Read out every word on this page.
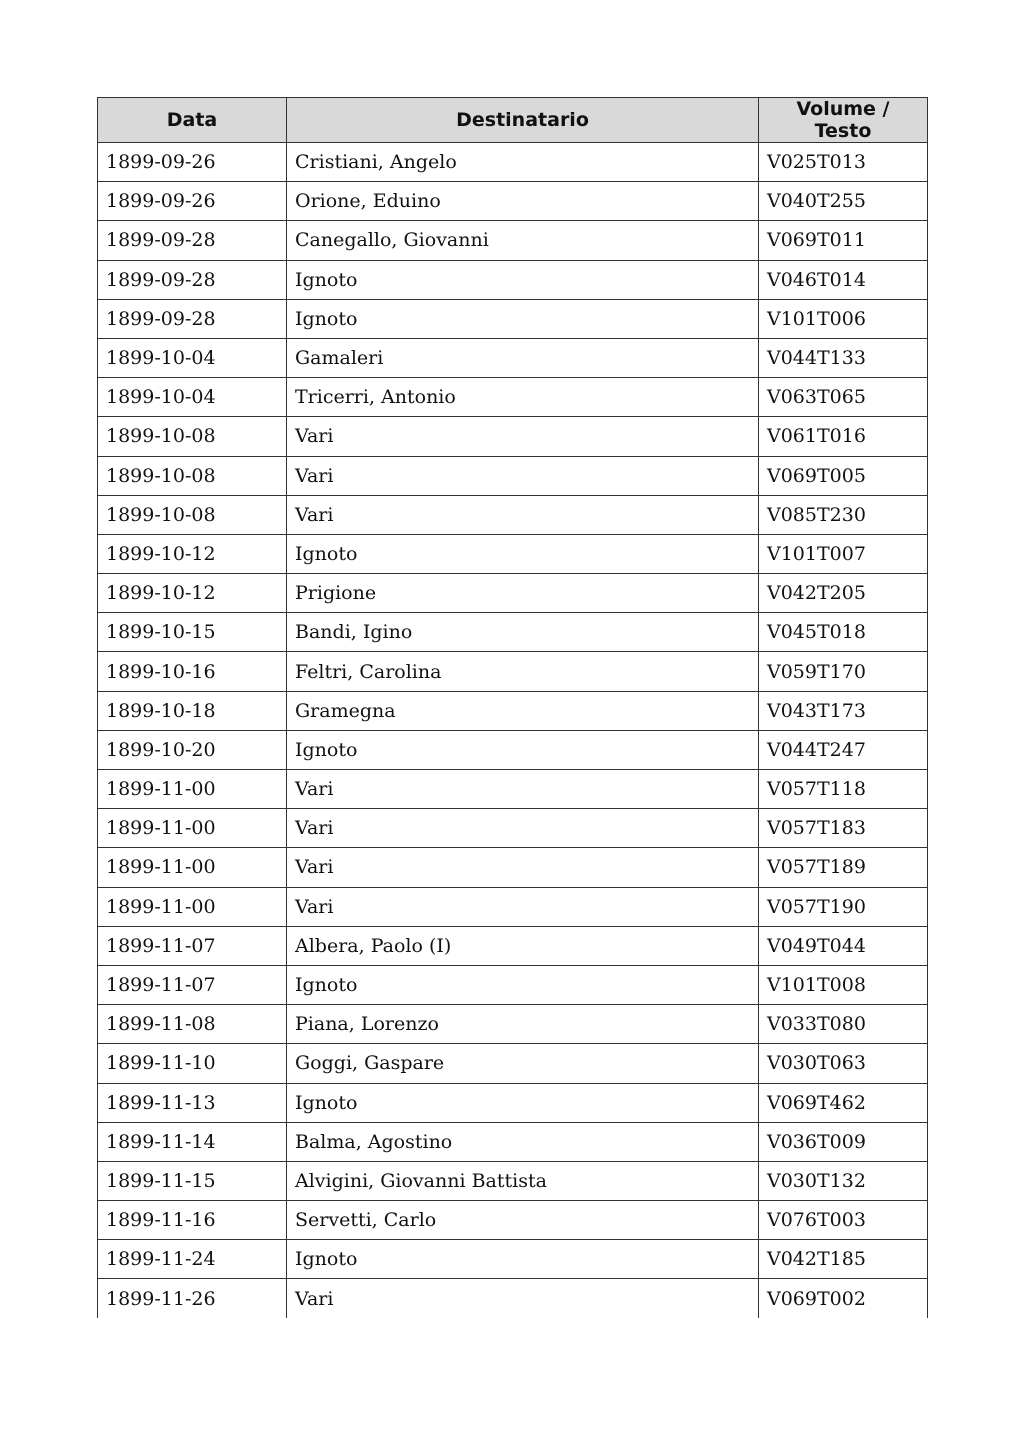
Data	Destinatario	Volume / Testo
1899-09-26	Cristiani, Angelo	V025T013
1899-09-26	Orione, Eduino	V040T255
1899-09-28	Canegallo, Giovanni	V069T011
1899-09-28	Ignoto	V046T014
1899-09-28	Ignoto	V101T006
1899-10-04	Gamaleri	V044T133
1899-10-04	Tricerri, Antonio	V063T065
1899-10-08	Vari	V061T016
1899-10-08	Vari	V069T005
1899-10-08	Vari	V085T230
1899-10-12	Ignoto	V101T007
1899-10-12	Prigione	V042T205
1899-10-15	Bandi, Igino	V045T018
1899-10-16	Feltri, Carolina	V059T170
1899-10-18	Gramegna	V043T173
1899-10-20	Ignoto	V044T247
1899-11-00	Vari	V057T118
1899-11-00	Vari	V057T183
1899-11-00	Vari	V057T189
1899-11-00	Vari	V057T190
1899-11-07	Albera, Paolo (I)	V049T044
1899-11-07	Ignoto	V101T008
1899-11-08	Piana, Lorenzo	V033T080
1899-11-10	Goggi, Gaspare	V030T063
1899-11-13	Ignoto	V069T462
1899-11-14	Balma, Agostino	V036T009
1899-11-15	Alvigini, Giovanni Battista	V030T132
1899-11-16	Servetti, Carlo	V076T003
1899-11-24	Ignoto	V042T185
1899-11-26	Vari	V069T002
